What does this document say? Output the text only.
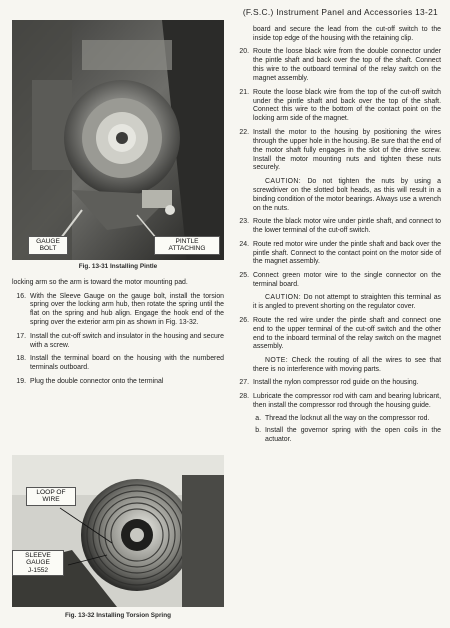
(F.S.C.) Instrument Panel and Accessories 13-21
GAUGE
BOLT
PINTLE
ATTACHING
Fig. 13-31 Installing Pintle

locking arm so the arm is toward the motor mounting pad.

16. With the Sleeve Gauge on the gauge bolt, install the torsion spring over the locking arm hub, then rotate the spring until the flat on the spring and hub align. Engage the hook end of the spring over the exterior arm pin as shown in Fig. 13-32.
17. Install the cut-off switch and insulator in the housing and secure with a screw.
18. Install the terminal board on the housing with the numbered terminals outboard.
19. Plug the double connector onto the terminal
LOOP OF WIRE
SLEEVE GAUGE
J-1552
Fig. 13-32 Installing Torsion Spring

board and secure the lead from the cut-off switch to the inside top edge of the housing with the retaining clip.

20. Route the loose black wire from the double connector under the pintle shaft and back over the top of the shaft. Connect this wire to the outboard terminal of the relay switch on the magnet assembly.
21. Route the loose black wire from the top of the cut-off switch under the pintle shaft and back over the top of the shaft. Connect this wire to the bottom of the contact point on the locking arm side of the magnet.
22. Install the motor to the housing by positioning the wires through the upper hole in the housing. Be sure that the end of the motor shaft fully engages in the slot of the drive screw. Install the motor mounting nuts and tighten these nuts securely.
CAUTION: Do not tighten the nuts by using a screwdriver on the slotted bolt heads, as this will result in a binding condition of the motor bearings. Always use a wrench on the nuts.
23. Route the black motor wire under pintle shaft, and connect to the lower terminal of the cut-off switch.
24. Route red motor wire under the pintle shaft and back over the pintle shaft. Connect to the contact point on the motor side of the magnet assembly.
25. Connect green motor wire to the single connector on the terminal board.
CAUTION: Do not attempt to straighten this terminal as it is angled to prevent shorting on the regulator cover.
26. Route the red wire under the pintle shaft and connect one end to the upper terminal of the cut-off switch and the other end to the inboard terminal of the relay switch on the magnet assembly.
NOTE: Check the routing of all the wires to see that there is no interference with moving parts.
27. Install the nylon compressor rod guide on the housing.
28. Lubricate the compressor rod with cam and bearing lubricant, then install the compressor rod through the housing guide.
a. Thread the locknut all the way on the compressor rod.
b. Install the governor spring with the open coils in the actuator.
